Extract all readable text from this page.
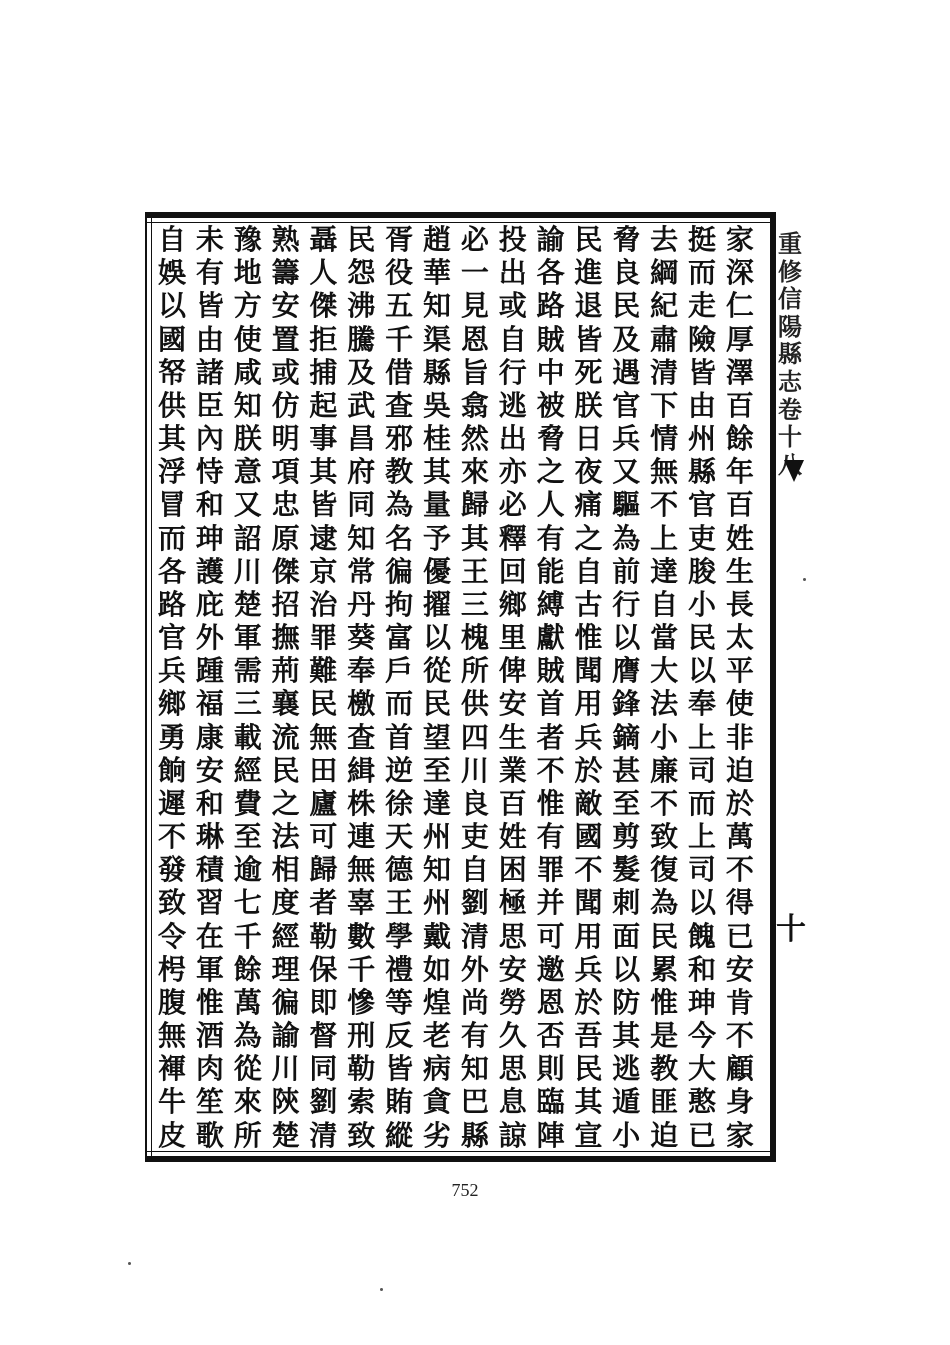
家
深
仁
厚
澤
百
餘
年
百
姓
生
長
太
平
使
非
迫
於
萬
不
得
已
安
肯
不
顧
身
家
挺
而
走
險
皆
由
州
縣
官
吏
朘
小
民
以
奉
上
司
而
上
司
以
餽
和
珅
今
大
憨
已
去
綱
紀
肅
清
下
情
無
不
上
達
自
當
大
法
小
廉
不
致
復
為
民
累
惟
是
教
匪
迫
脅
良
民
及
遇
官
兵
又
驅
為
前
行
以
膺
鋒
鏑
甚
至
剪
髮
刺
面
以
防
其
逃
遁
小
民
進
退
皆
死
朕
日
夜
痛
之
自
古
惟
聞
用
兵
於
敵
國
不
聞
用
兵
於
吾
民
其
宣
諭
各
路
賊
中
被
脅
之
人
有
能
縛
獻
賊
首
者
不
惟
有
罪
并
可
邀
恩
否
則
臨
陣
投
出
或
自
行
逃
出
亦
必
釋
回
鄉
里
俾
安
生
業
百
姓
困
極
思
安
勞
久
思
息
諒
必
一
見
恩
旨
翕
然
來
歸
其
王
三
槐
所
供
四
川
良
吏
自
劉
清
外
尚
有
知
巴
縣
趙
華
知
渠
縣
吳
桂
其
量
予
優
擢
以
從
民
望
至
達
州
知
州
戴
如
煌
老
病
貪
劣
胥
役
五
千
借
查
邪
教
為
名
徧
拘
富
戶
而
首
逆
徐
天
德
王
學
禮
等
反
皆
賄
縱
民
怨
沸
騰
及
武
昌
府
同
知
常
丹
葵
奉
檄
查
緝
株
連
無
辜
數
千
慘
刑
勒
索
致
聶
人
傑
拒
捕
起
事
其
皆
逮
京
治
罪
難
民
無
田
廬
可
歸
者
勒
保
即
督
同
劉
清
熟
籌
安
置
或
仿
明
項
忠
原
傑
招
撫
荊
襄
流
民
之
法
相
度
經
理
徧
諭
川
陝
楚
豫
地
方
使
咸
知
朕
意
又
詔
川
楚
軍
需
三
載
經
費
至
逾
七
千
餘
萬
為
從
來
所
未
有
皆
由
諸
臣
內
恃
和
珅
護
庇
外
踵
福
康
安
和
琳
積
習
在
軍
惟
酒
肉
笙
歌
自
娛
以
國
帑
供
其
浮
冒
而
各
路
官
兵
鄉
勇
餉
遲
不
發
致
令
枵
腹
無
褌
牛
皮
重
修
信
陽
縣
志
卷
十
八
十
752
